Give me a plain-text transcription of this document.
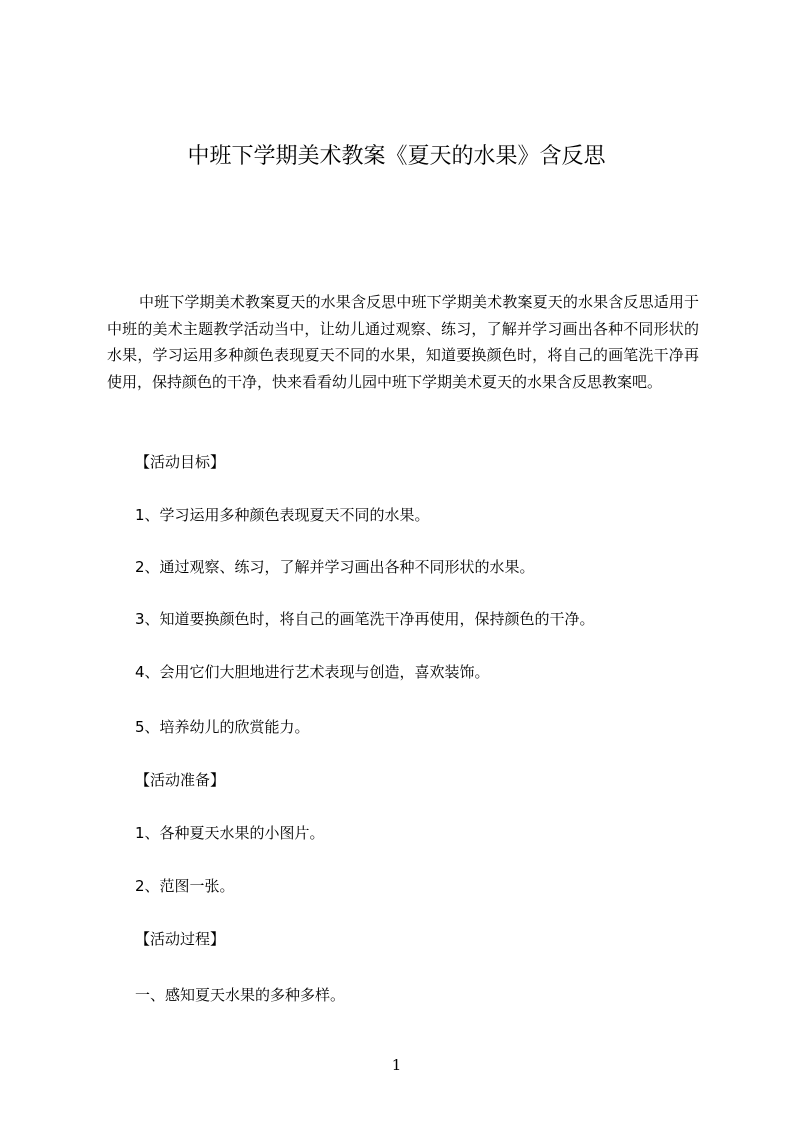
中班下学期美术教案《夏天的水果》含反思

中班下学期美术教案夏天的水果含反思中班下学期美术教案夏天的水果含反思适用于中班的美术主题教学活动当中，让幼儿通过观察、练习，了解并学习画出各种不同形状的水果，学习运用多种颜色表现夏天不同的水果，知道要换颜色时，将自己的画笔洗干净再使用，保持颜色的干净，快来看看幼儿园中班下学期美术夏天的水果含反思教案吧。

【活动目标】

1、学习运用多种颜色表现夏天不同的水果。

2、通过观察、练习，了解并学习画出各种不同形状的水果。

3、知道要换颜色时，将自己的画笔洗干净再使用，保持颜色的干净。

4、会用它们大胆地进行艺术表现与创造，喜欢装饰。

5、培养幼儿的欣赏能力。

【活动准备】

1、各种夏天水果的小图片。

2、范图一张。

【活动过程】

一、感知夏天水果的多种多样。

1
